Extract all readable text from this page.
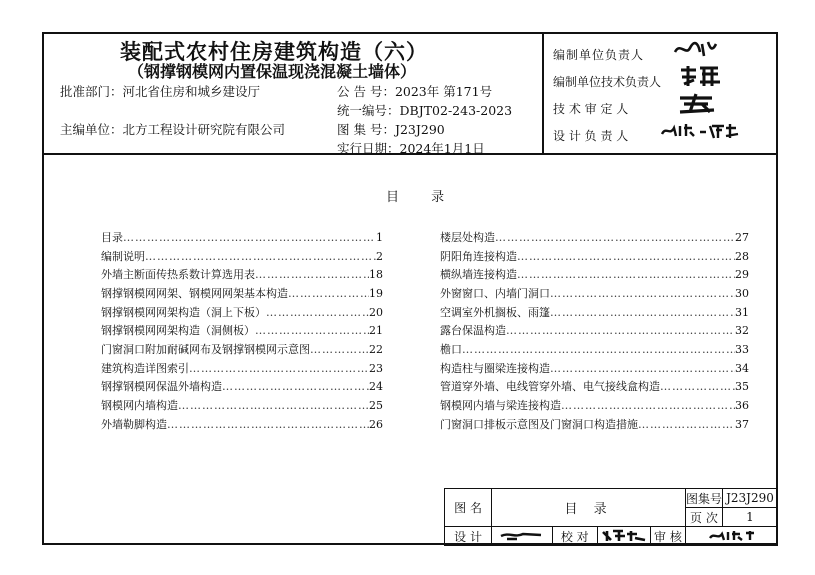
装配式农村住房建筑构造（六）
（钢撑钢模网内置保温现浇混凝土墙体）
批准部门：河北省住房和城乡建设厅
主编单位：北方工程设计研究院有限公司
公 告 号：2023年 第171号
统一编号：DBJT02-243-2023
图 集 号：J23J290
实行日期：2024年1月1日
编制单位负责人
编制单位技术负责人
技 术 审 定 人
设 计 负 责 人
目 录
目录 ……………………………………………………………………………………………………………………………………………………………………………………	1
编制说明 ……………………………………………………………………………………………………………………………………………………………………………………	2
外墙主断面传热系数计算选用表 ……………………………………………………………………………………………………………………………………………………………………………………	18
钢撑钢模网网架、钢模网网架基本构造 ……………………………………………………………………………………………………………………………………………………………………………………	19
钢撑钢模网网架构造（洞上下板） ……………………………………………………………………………………………………………………………………………………………………………………	20
钢撑钢模网网架构造（洞侧板） ……………………………………………………………………………………………………………………………………………………………………………………	21
门窗洞口附加耐碱网布及钢撑钢模网示意图 ……………………………………………………………………………………………………………………………………………………………………………………	22
建筑构造详图索引 ……………………………………………………………………………………………………………………………………………………………………………………	23
钢撑钢模网保温外墙构造 ……………………………………………………………………………………………………………………………………………………………………………………	24
钢模网内墙构造 ……………………………………………………………………………………………………………………………………………………………………………………	25
外墙勒脚构造 ……………………………………………………………………………………………………………………………………………………………………………………	26
楼层处构造 ……………………………………………………………………………………………………………………………………………………………………………………	27
阴阳角连接构造 ……………………………………………………………………………………………………………………………………………………………………………………	28
横纵墙连接构造 ……………………………………………………………………………………………………………………………………………………………………………………	29
外窗窗口、内墙门洞口 ……………………………………………………………………………………………………………………………………………………………………………………	30
空调室外机搁板、雨篷 ……………………………………………………………………………………………………………………………………………………………………………………	31
露台保温构造 ……………………………………………………………………………………………………………………………………………………………………………………	32
檐口 ……………………………………………………………………………………………………………………………………………………………………………………	33
构造柱与圈梁连接构造 ……………………………………………………………………………………………………………………………………………………………………………………	34
管道穿外墙、电线管穿外墙、电气接线盒构造 ……………………………………………………………………………………………………………………………………………………………………………………	35
钢模网内墙与梁连接构造 ……………………………………………………………………………………………………………………………………………………………………………………	36
门窗洞口排板示意图及门窗洞口构造措施 ……………………………………………………………………………………………………………………………………………………………………………………	37
图 名	目 录				图集号	J23J290
					页 次	1
设 计		校 对		审 核	
